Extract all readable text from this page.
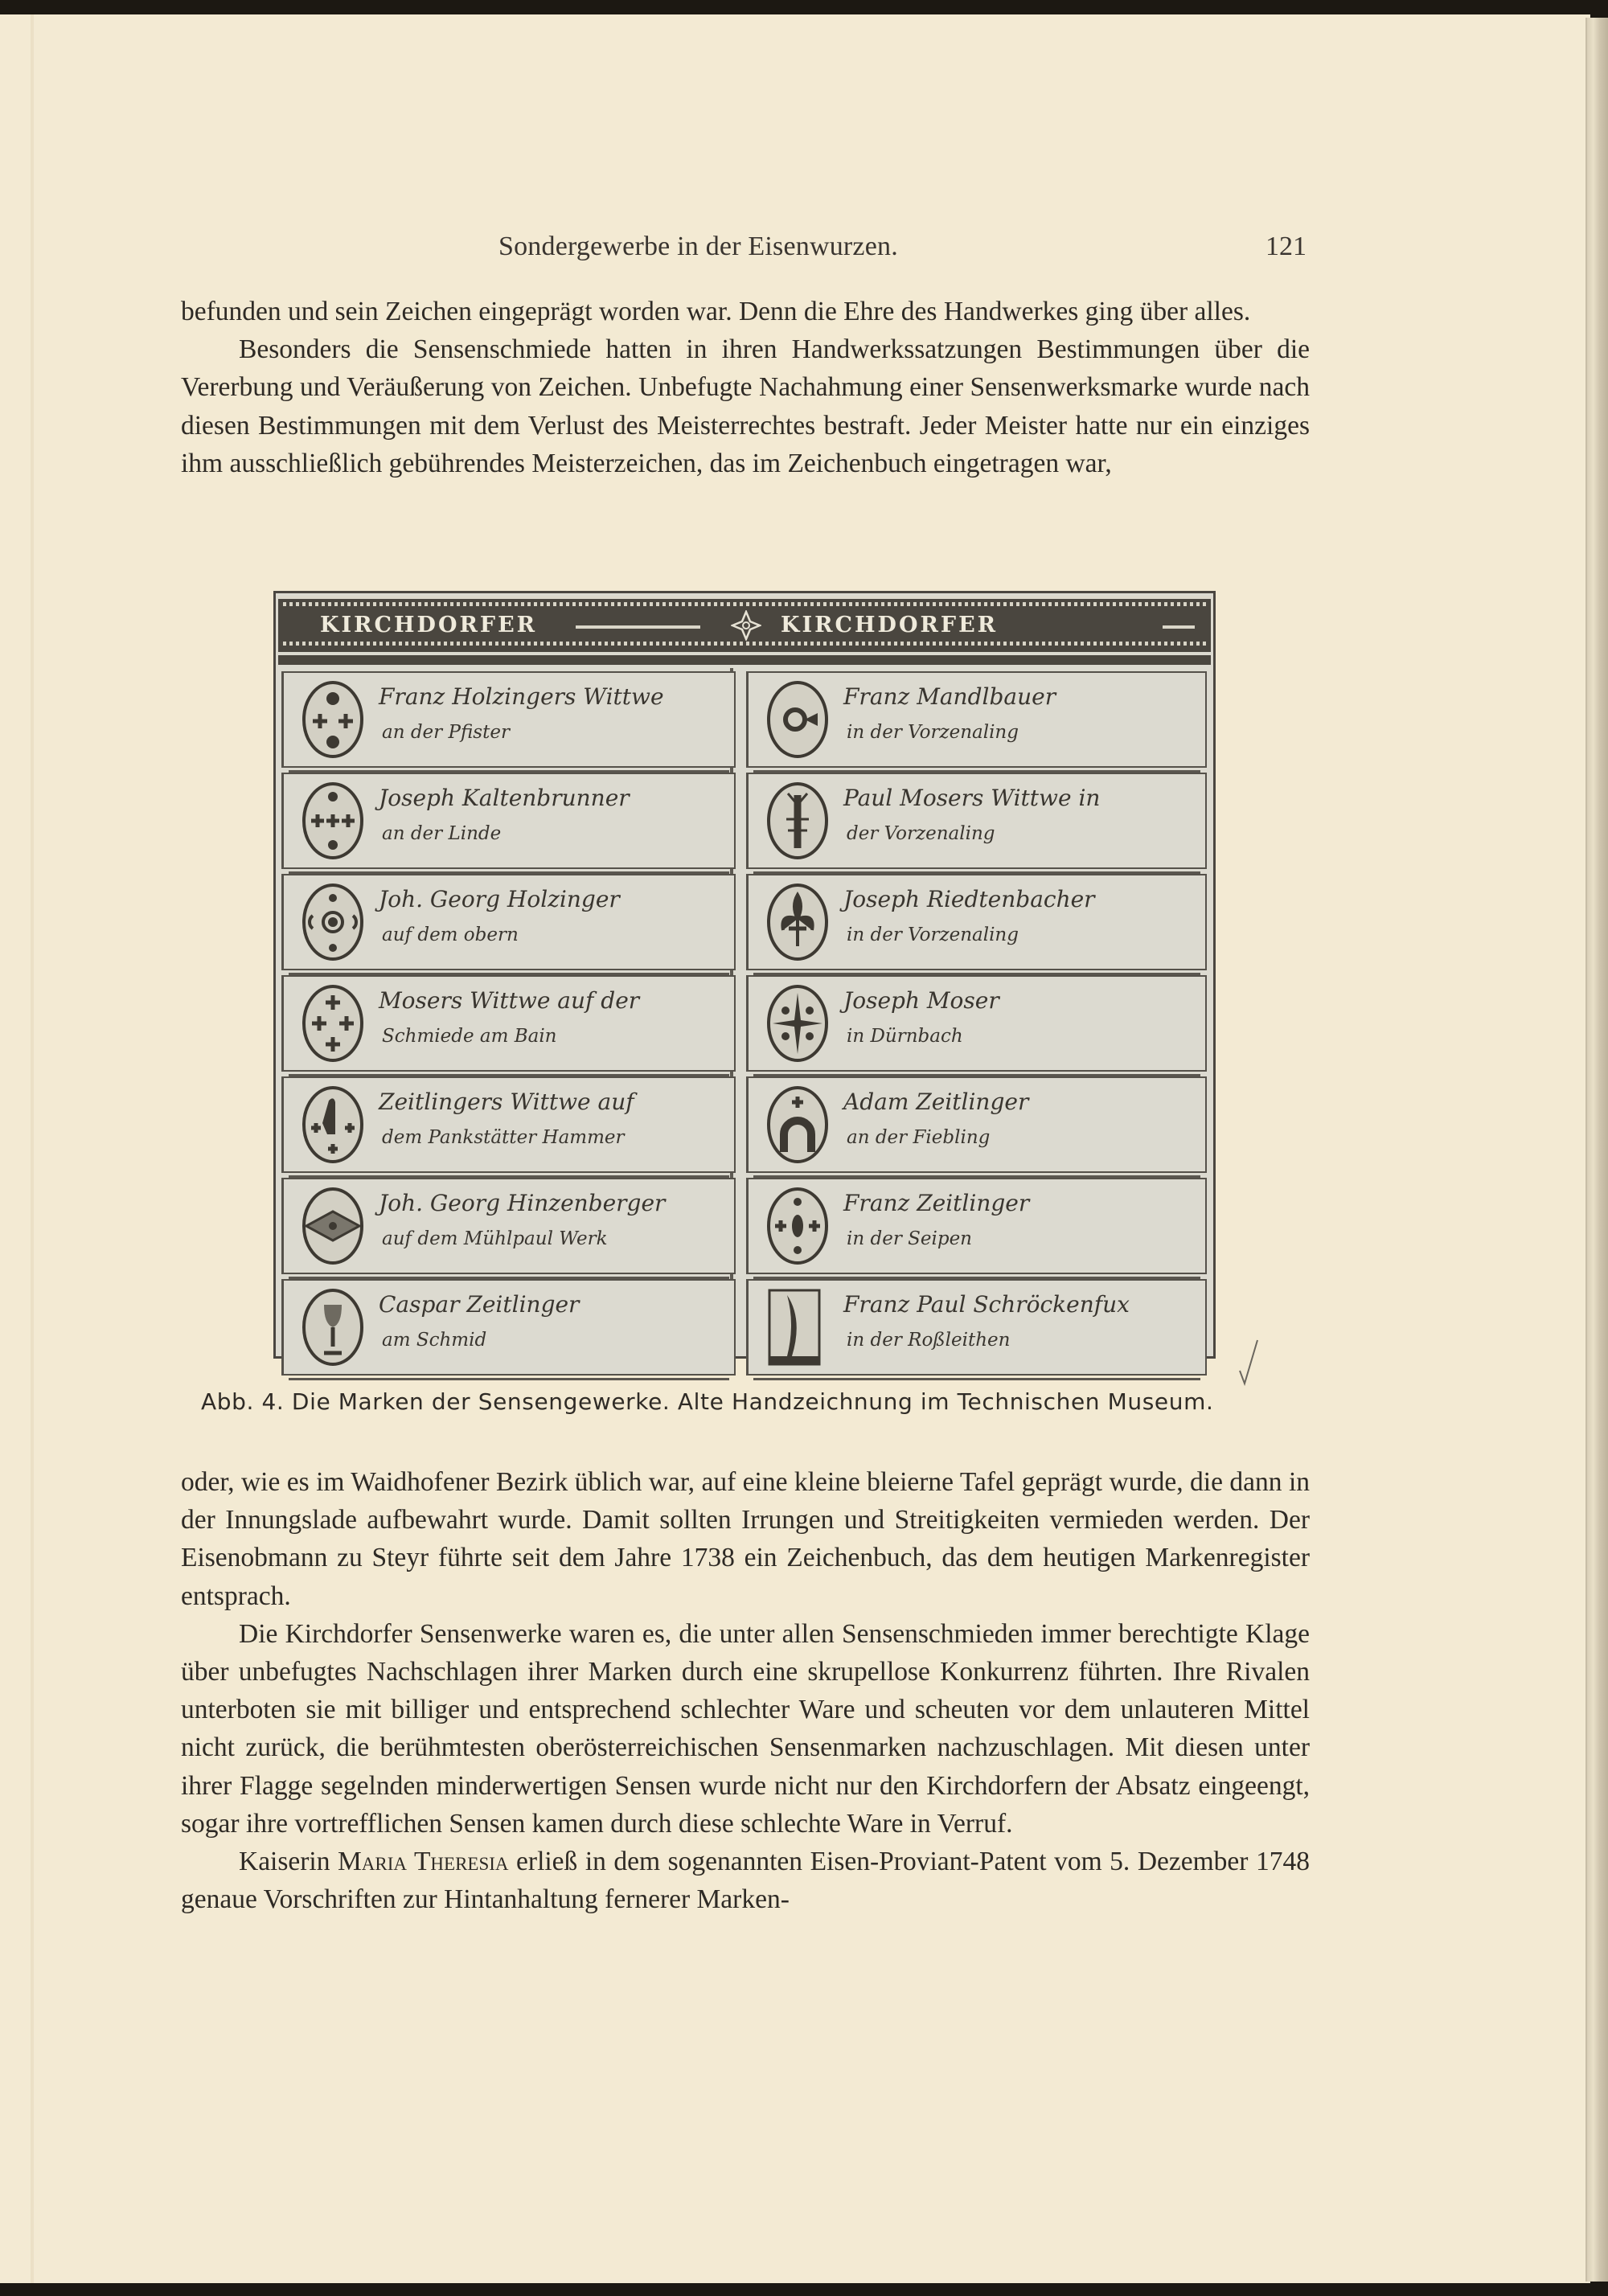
Sondergewerbe in der Eisenwurzen.	121

befunden und sein Zeichen eingeprägt worden war. Denn die Ehre des Handwerkes ging über alles.

Besonders die Sensenschmiede hatten in ihren Handwerkssatzungen Bestimmungen über die Vererbung und Veräußerung von Zeichen. Unbefugte Nachahmung einer Sensenwerksmarke wurde nach diesen Bestimmungen mit dem Verlust des Meisterrechtes bestraft. Jeder Meister hatte nur ein einziges ihm ausschließlich gebührendes Meisterzeichen, das im Zeichenbuch eingetragen war,

KIRCHDORFER	KIRCHDORFER
Franz Holzingers Wittwe
an der Pfister
Franz Mandlbauer
in der Vorzenaling
Joseph Kaltenbrunner
an der Linde
Paul Mosers Wittwe in
der Vorzenaling
Joh. Georg Holzinger
auf dem obern
Joseph Riedtenbacher
in der Vorzenaling
Mosers Wittwe auf der
Schmiede am Bain
Joseph Moser
in Dürnbach
Zeitlingers Wittwe auf
dem Pankstätter Hammer
Adam Zeitlinger
an der Fiebling
Joh. Georg Hinzenberger
auf dem Mühlpaul Werk
Franz Zeitlinger
in der Seipen
Caspar Zeitlinger
am Schmid
Franz Paul Schröckenfux
in der Roßleithen
Abb. 4. Die Marken der Sensengewerke. Alte Handzeichnung im Technischen Museum.

oder, wie es im Waidhofener Bezirk üblich war, auf eine kleine bleierne Tafel geprägt wurde, die dann in der Innungslade aufbewahrt wurde. Damit sollten Irrungen und Streitigkeiten vermieden werden. Der Eisenobmann zu Steyr führte seit dem Jahre 1738 ein Zeichenbuch, das dem heutigen Markenregister entsprach.

Die Kirchdorfer Sensenwerke waren es, die unter allen Sensenschmieden immer berechtigte Klage über unbefugtes Nachschlagen ihrer Marken durch eine skrupellose Konkurrenz führten. Ihre Rivalen unterboten sie mit billiger und entsprechend schlechter Ware und scheuten vor dem unlauteren Mittel nicht zurück, die berühmtesten oberösterreichischen Sensenmarken nachzuschlagen. Mit diesen unter ihrer Flagge segelnden minderwertigen Sensen wurde nicht nur den Kirchdorfern der Absatz eingeengt, sogar ihre vortrefflichen Sensen kamen durch diese schlechte Ware in Verruf.

Kaiserin Maria Theresia erließ in dem sogenannten Eisen-Proviant-Patent vom 5. Dezember 1748 genaue Vorschriften zur Hintanhaltung fernerer Marken-
